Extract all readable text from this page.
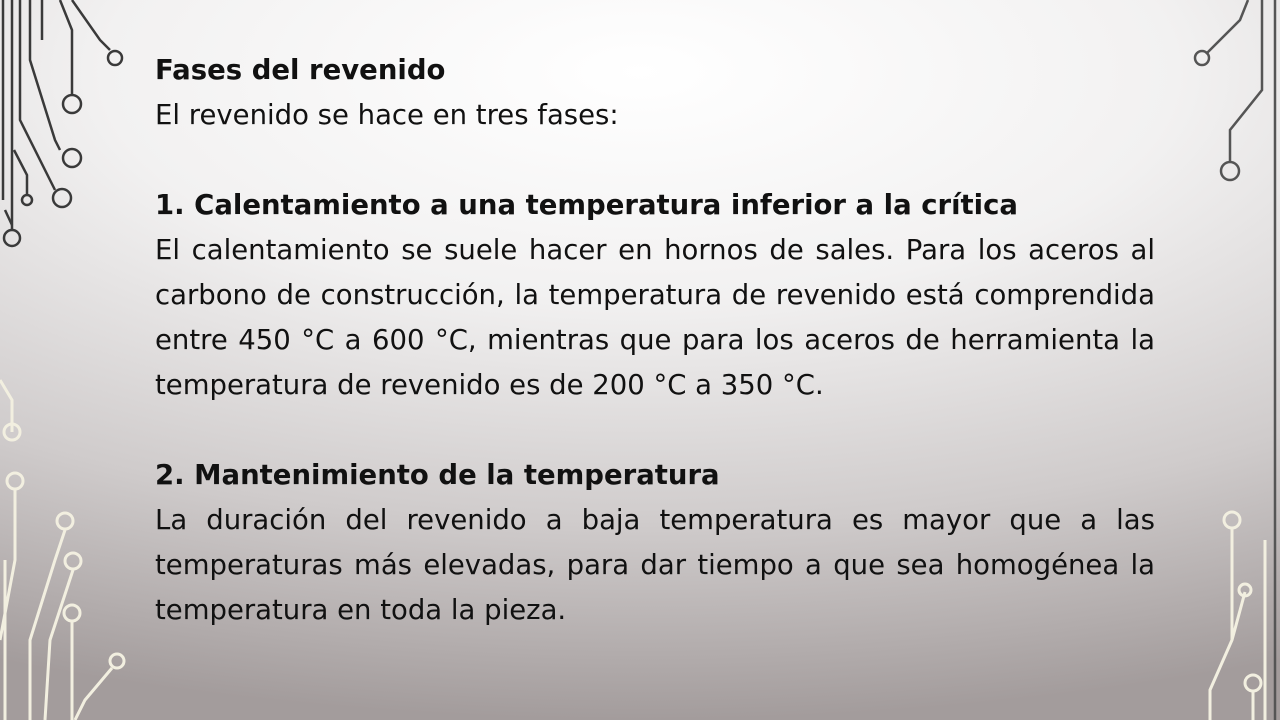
Fases del revenido

El revenido se hace en tres fases:

1. Calentamiento a una temperatura inferior a la crítica

El calentamiento se suele hacer en hornos de sales. Para los aceros al carbono de construcción, la temperatura de revenido está comprendida entre 450 °C a 600 °C, mientras que para los aceros de herramienta la temperatura de revenido es de 200 °C a 350 °C.

2. Mantenimiento de la temperatura

La duración del revenido a baja temperatura es mayor que a las temperaturas más elevadas, para dar tiempo a que sea homogénea la temperatura en toda la pieza.
